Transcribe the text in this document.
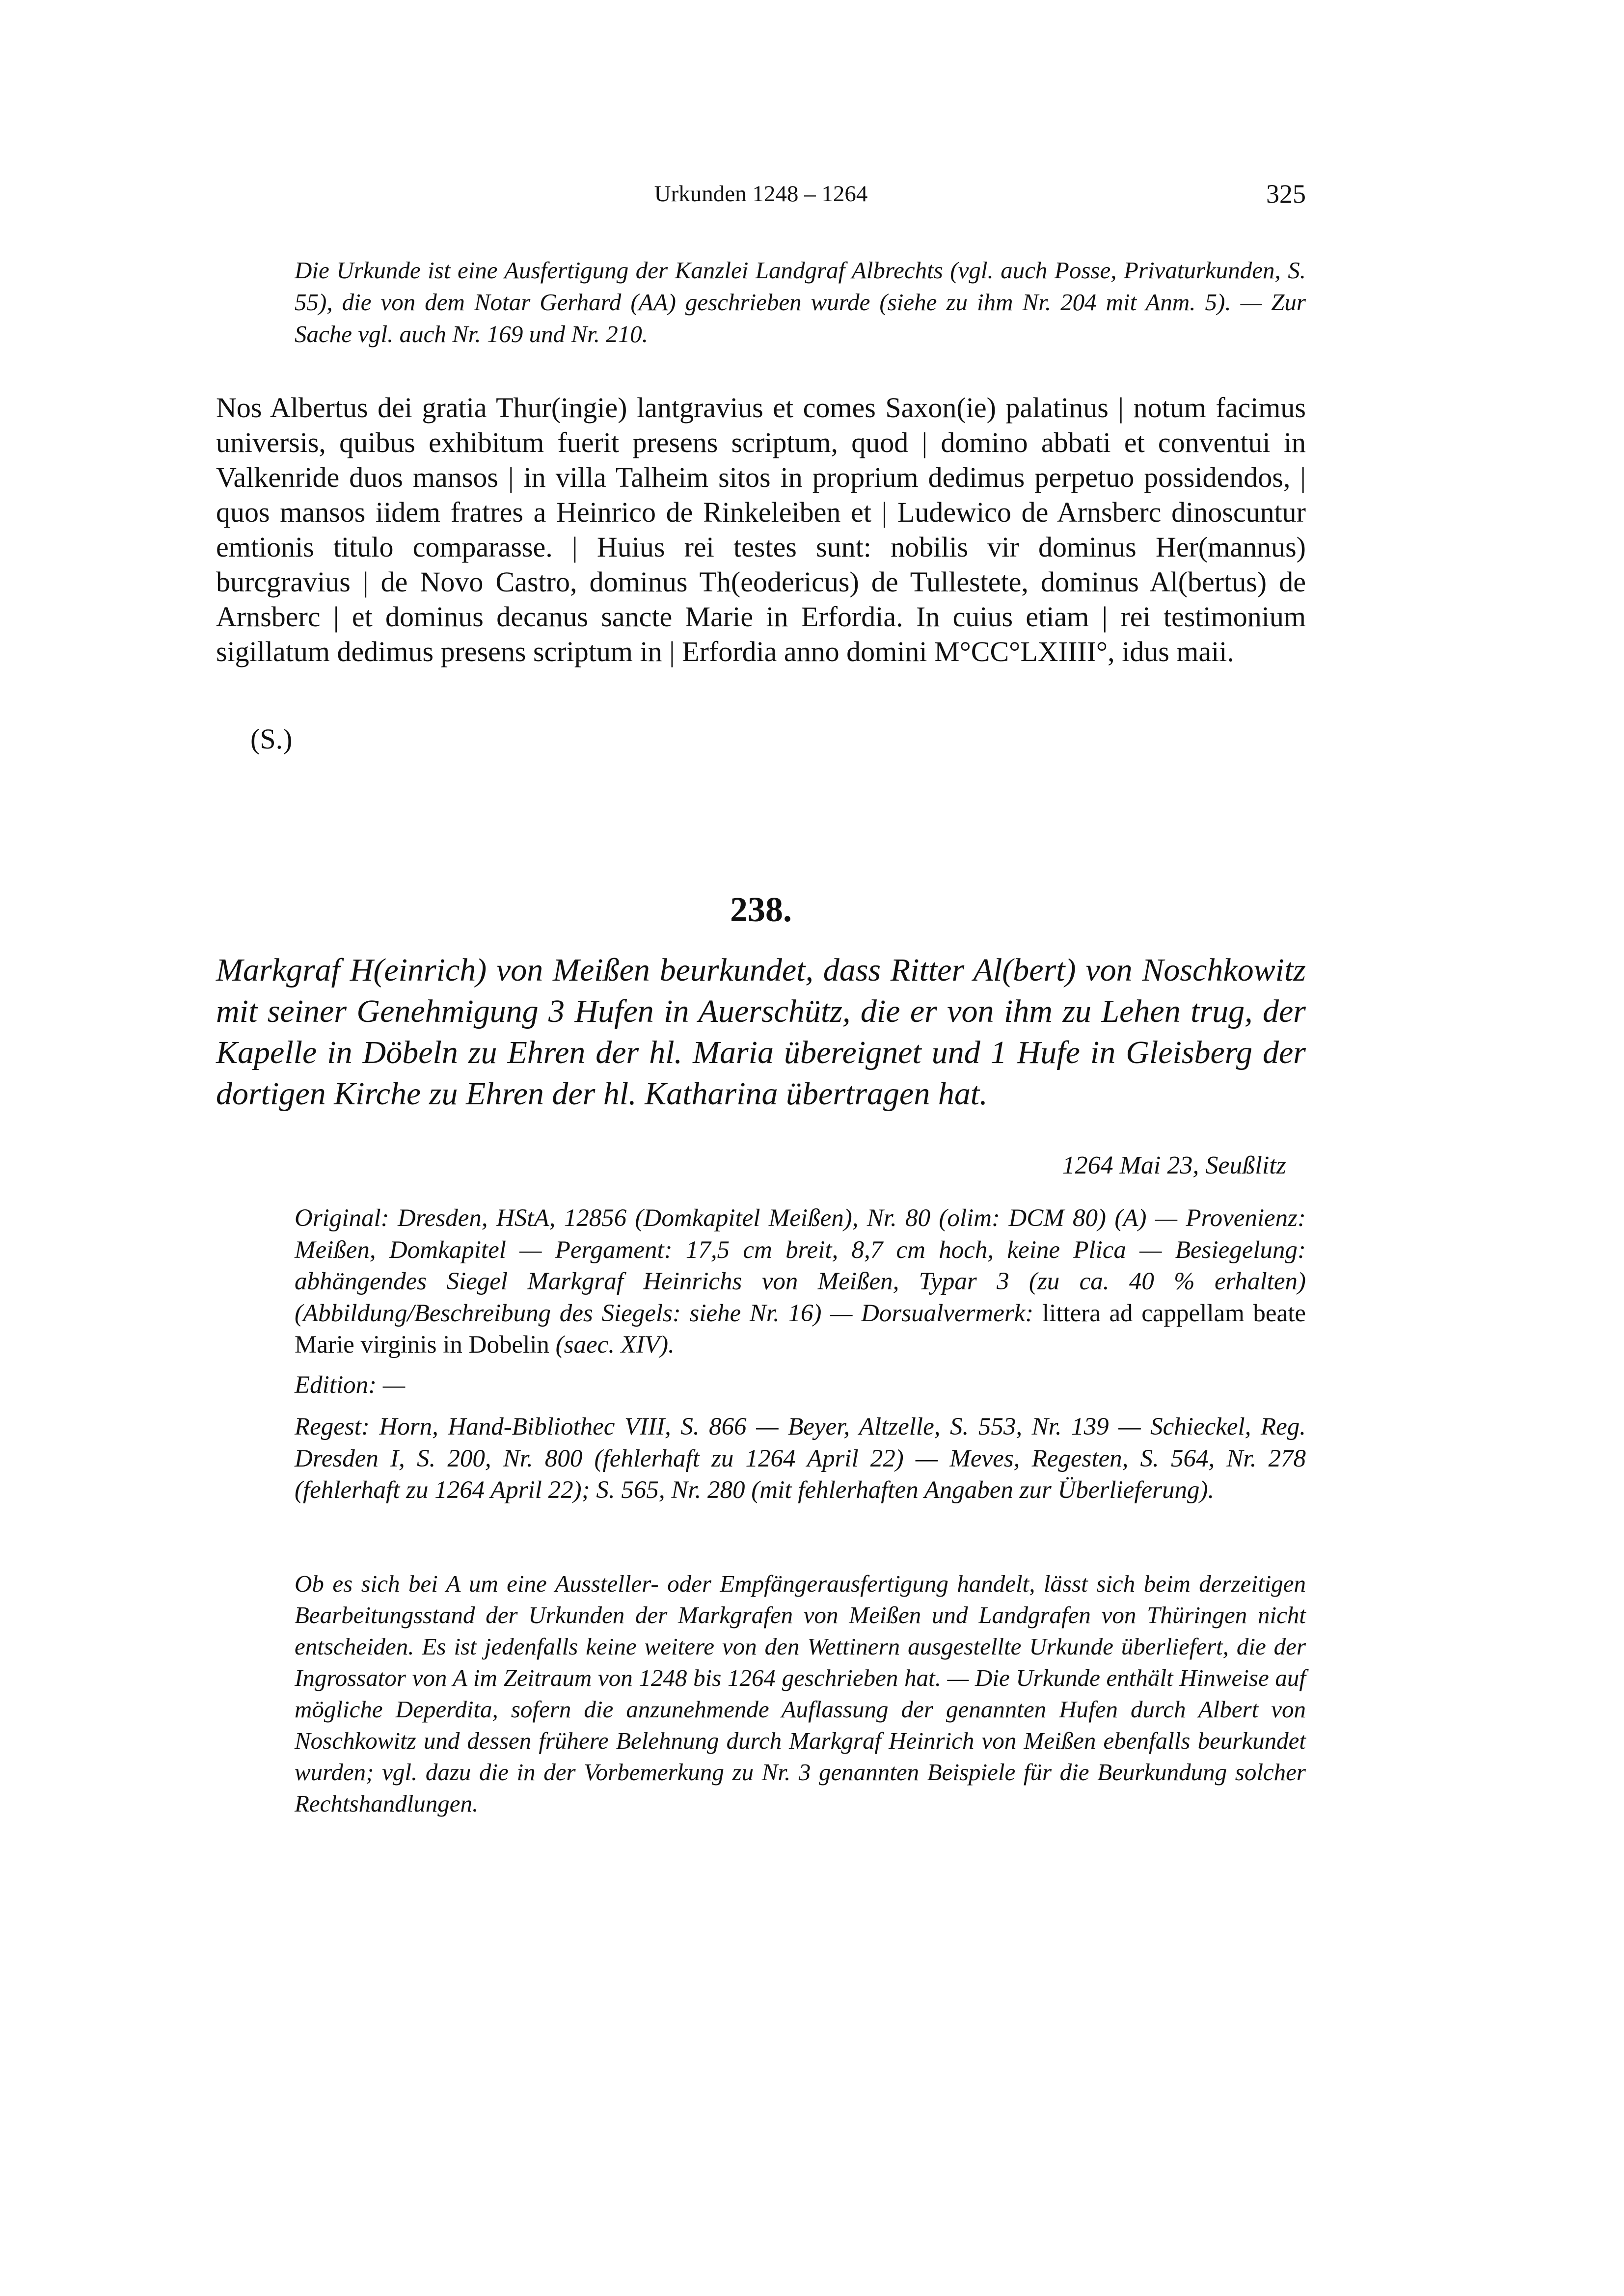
Urkunden 1248 – 1264	325

Die Urkunde ist eine Ausfertigung der Kanzlei Landgraf Albrechts (vgl. auch Posse, Privaturkunden, S. 55), die von dem Notar Gerhard (AA) geschrieben wurde (siehe zu ihm Nr. 204 mit Anm. 5). — Zur Sache vgl. auch Nr. 169 und Nr. 210.

Nos Albertus dei gratia Thur(ingie) lantgravius et comes Saxon(ie) palatinus | notum facimus universis, quibus exhibitum fuerit presens scriptum, quod | domino abbati et conventui in Valkenride duos mansos | in villa Talheim sitos in proprium dedimus perpetuo possidendos, | quos mansos iidem fratres a Heinrico de Rinkeleiben et | Ludewico de Arnsberc dinoscuntur emtionis titulo comparasse. | Huius rei testes sunt: nobilis vir dominus Her(mannus) burcgravius | de Novo Castro, dominus Th(eodericus) de Tullestete, dominus Al(bertus) de Arnsberc | et dominus decanus sancte Marie in Erfordia. In cuius etiam | rei testimonium sigillatum dedimus presens scriptum in | Erfordia anno domini M°CC°LXIIII°, idus maii.

(S.)

238.

Markgraf H(einrich) von Meißen beurkundet, dass Ritter Al(bert) von Noschkowitz mit seiner Genehmigung 3 Hufen in Auerschütz, die er von ihm zu Lehen trug, der Kapelle in Döbeln zu Ehren der hl. Maria übereignet und 1 Hufe in Gleisberg der dortigen Kirche zu Ehren der hl. Katharina übertragen hat.

1264 Mai 23, Seußlitz

Original: Dresden, HStA, 12856 (Domkapitel Meißen), Nr. 80 (olim: DCM 80) (A) — Provenienz: Meißen, Domkapitel — Pergament: 17,5 cm breit, 8,7 cm hoch, keine Plica — Besiegelung: abhängendes Siegel Markgraf Heinrichs von Meißen, Typar 3 (zu ca. 40 % erhalten) (Abbildung/Beschreibung des Siegels: siehe Nr. 16) — Dorsualvermerk: littera ad cappellam beate Marie virginis in Dobelin (saec. XIV).

Edition: —

Regest: Horn, Hand-Bibliothec VIII, S. 866 — Beyer, Altzelle, S. 553, Nr. 139 — Schieckel, Reg. Dresden I, S. 200, Nr. 800 (fehlerhaft zu 1264 April 22) — Meves, Regesten, S. 564, Nr. 278 (fehlerhaft zu 1264 April 22); S. 565, Nr. 280 (mit fehlerhaften Angaben zur Überlieferung).

Ob es sich bei A um eine Aussteller- oder Empfängerausfertigung handelt, lässt sich beim derzeitigen Bearbeitungsstand der Urkunden der Markgrafen von Meißen und Landgrafen von Thüringen nicht entscheiden. Es ist jedenfalls keine weitere von den Wettinern ausgestellte Urkunde überliefert, die der Ingrossator von A im Zeitraum von 1248 bis 1264 geschrieben hat. — Die Urkunde enthält Hinweise auf mögliche Deperdita, sofern die anzunehmende Auflassung der genannten Hufen durch Albert von Noschkowitz und dessen frühere Belehnung durch Markgraf Heinrich von Meißen ebenfalls beurkundet wurden; vgl. dazu die in der Vorbemerkung zu Nr. 3 genannten Beispiele für die Beurkundung solcher Rechtshandlungen.
